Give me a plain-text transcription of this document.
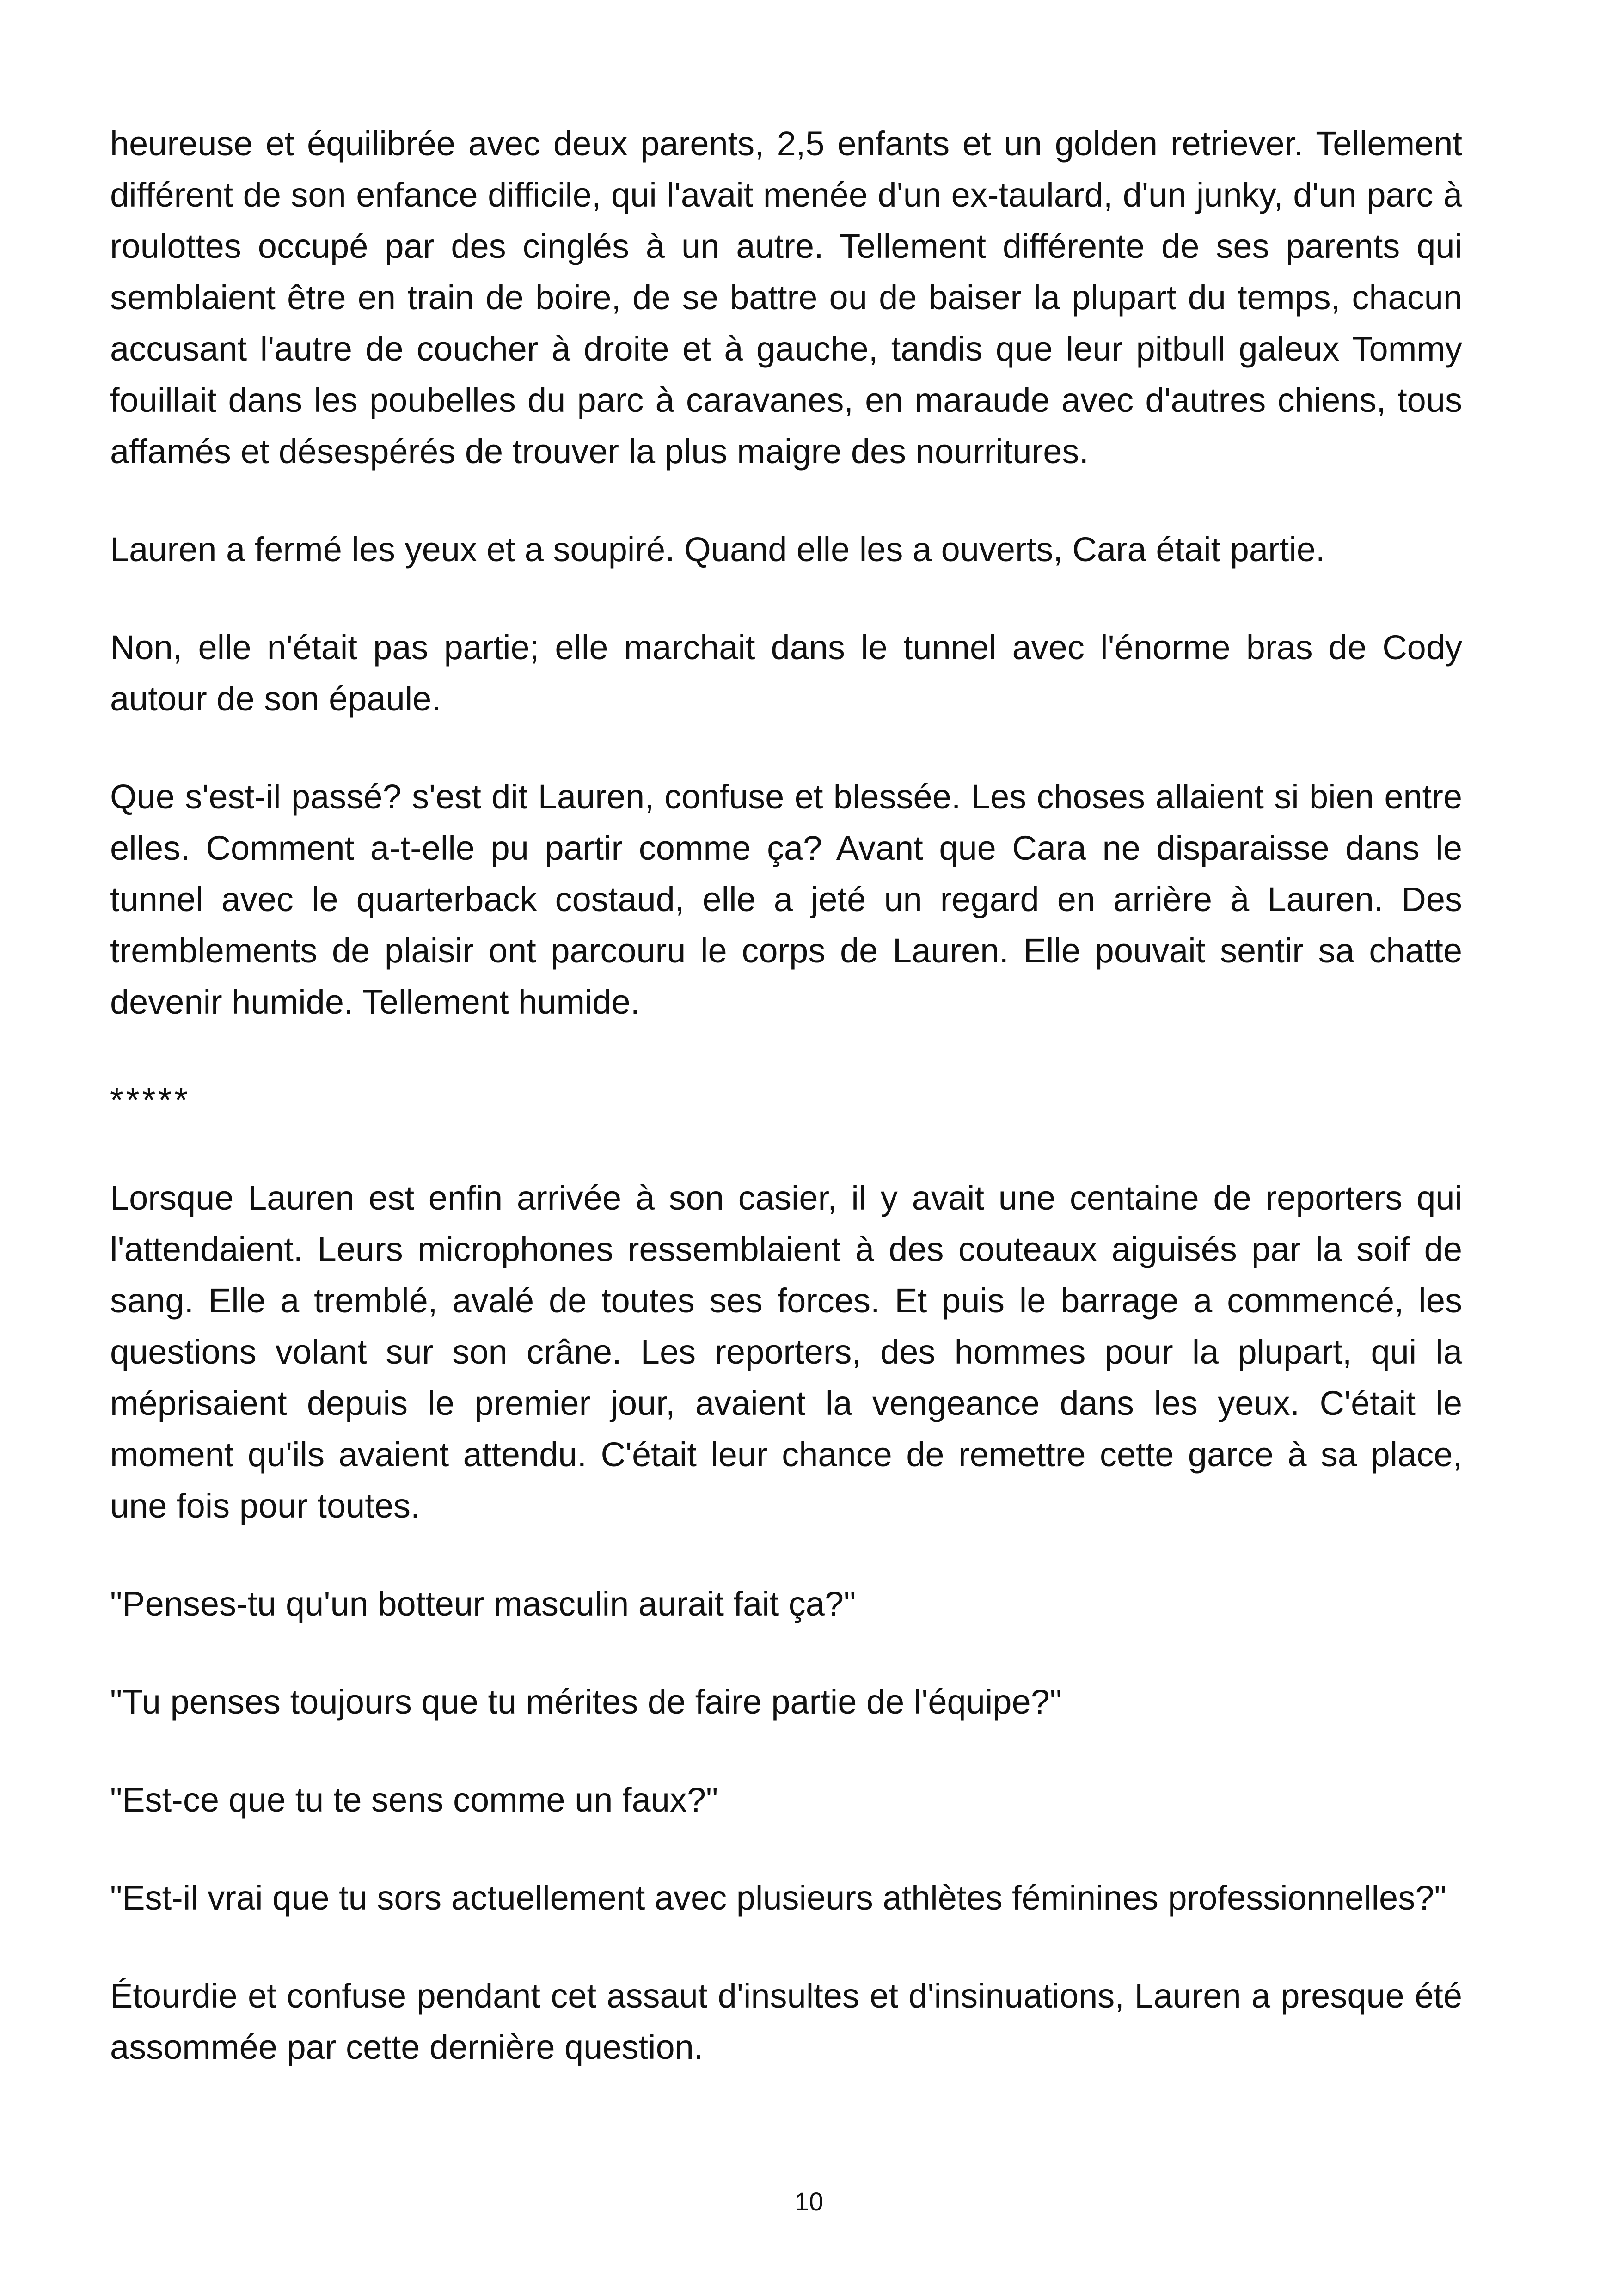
heureuse et équilibrée avec deux parents, 2,5 enfants et un golden retriever. Tellement différent de son enfance difficile, qui l'avait menée d'un ex-taulard, d'un junky, d'un parc à roulottes occupé par des cinglés à un autre. Tellement différente de ses parents qui semblaient être en train de boire, de se battre ou de baiser la plupart du temps, chacun accusant l'autre de coucher à droite et à gauche, tandis que leur pitbull galeux Tommy fouillait dans les poubelles du parc à caravanes, en maraude avec d'autres chiens, tous affamés et désespérés de trouver la plus maigre des nourritures.

Lauren a fermé les yeux et a soupiré. Quand elle les a ouverts, Cara était partie.

Non, elle n'était pas partie; elle marchait dans le tunnel avec l'énorme bras de Cody autour de son épaule.

Que s'est-il passé? s'est dit Lauren, confuse et blessée. Les choses allaient si bien entre elles. Comment a-t-elle pu partir comme ça? Avant que Cara ne disparaisse dans le tunnel avec le quarterback costaud, elle a jeté un regard en arrière à Lauren. Des tremblements de plaisir ont parcouru le corps de Lauren. Elle pouvait sentir sa chatte devenir humide. Tellement humide.

*****

Lorsque Lauren est enfin arrivée à son casier, il y avait une centaine de reporters qui l'attendaient. Leurs microphones ressemblaient à des couteaux aiguisés par la soif de sang. Elle a tremblé, avalé de toutes ses forces. Et puis le barrage a commencé, les questions volant sur son crâne. Les reporters, des hommes pour la plupart, qui la méprisaient depuis le premier jour, avaient la vengeance dans les yeux. C'était le moment qu'ils avaient attendu. C'était leur chance de remettre cette garce à sa place, une fois pour toutes.

"Penses-tu qu'un botteur masculin aurait fait ça?"

"Tu penses toujours que tu mérites de faire partie de l'équipe?"

"Est-ce que tu te sens comme un faux?"

"Est-il vrai que tu sors actuellement avec plusieurs athlètes féminines professionnelles?"

Étourdie et confuse pendant cet assaut d'insultes et d'insinuations, Lauren a presque été assommée par cette dernière question.

10
